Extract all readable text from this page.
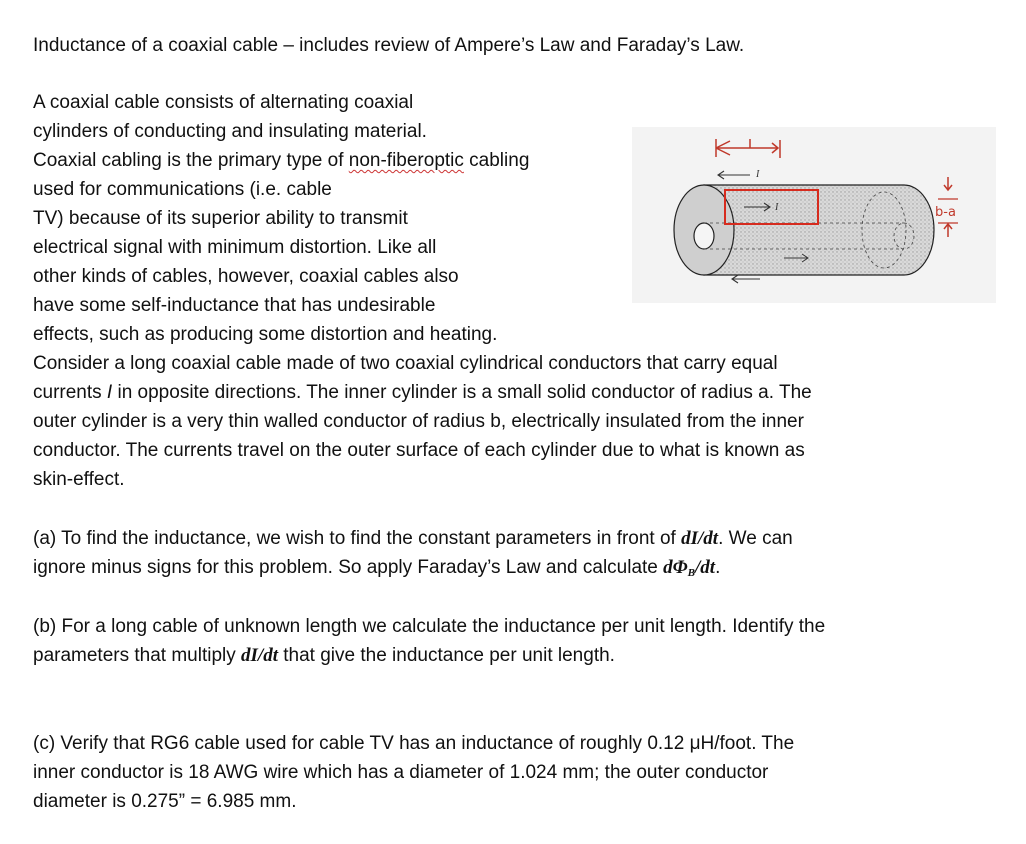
Inductance of a coaxial cable – includes review of Ampere’s Law and Faraday’s Law.
A coaxial cable consists of alternating coaxial
cylinders of conducting and insulating material.
Coaxial cabling is the primary type of non-fiberoptic cabling
used for communications (i.e. cable
TV) because of its superior ability to transmit
electrical signal with minimum distortion. Like all
other kinds of cables, however, coaxial cables also
have some self-inductance that has undesirable
effects, such as producing some distortion and heating.
Consider a long coaxial cable made of two coaxial cylindrical conductors that carry equal
currents I in opposite directions. The inner cylinder is a small solid conductor of radius a. The
outer cylinder is a very thin walled conductor of radius b, electrically insulated from the inner
conductor. The currents travel on the outer surface of each cylinder due to what is known as
skin-effect.
(a) To find the inductance, we wish to find the constant parameters in front of dI/dt. We can
ignore minus signs for this problem. So apply Faraday’s Law and calculate $d\Phi_B/dt$.
(b) For a long cable of unknown length we calculate the inductance per unit length. Identify the
parameters that multiply dI/dt that give the inductance per unit length.
(c) Verify that RG6 cable used for cable TV has an inductance of roughly 0.12 μH/foot. The
inner conductor is 18 AWG wire which has a diameter of 1.024 mm; the outer conductor
diameter is 0.275” = 6.985 mm.
I
I	b-a
